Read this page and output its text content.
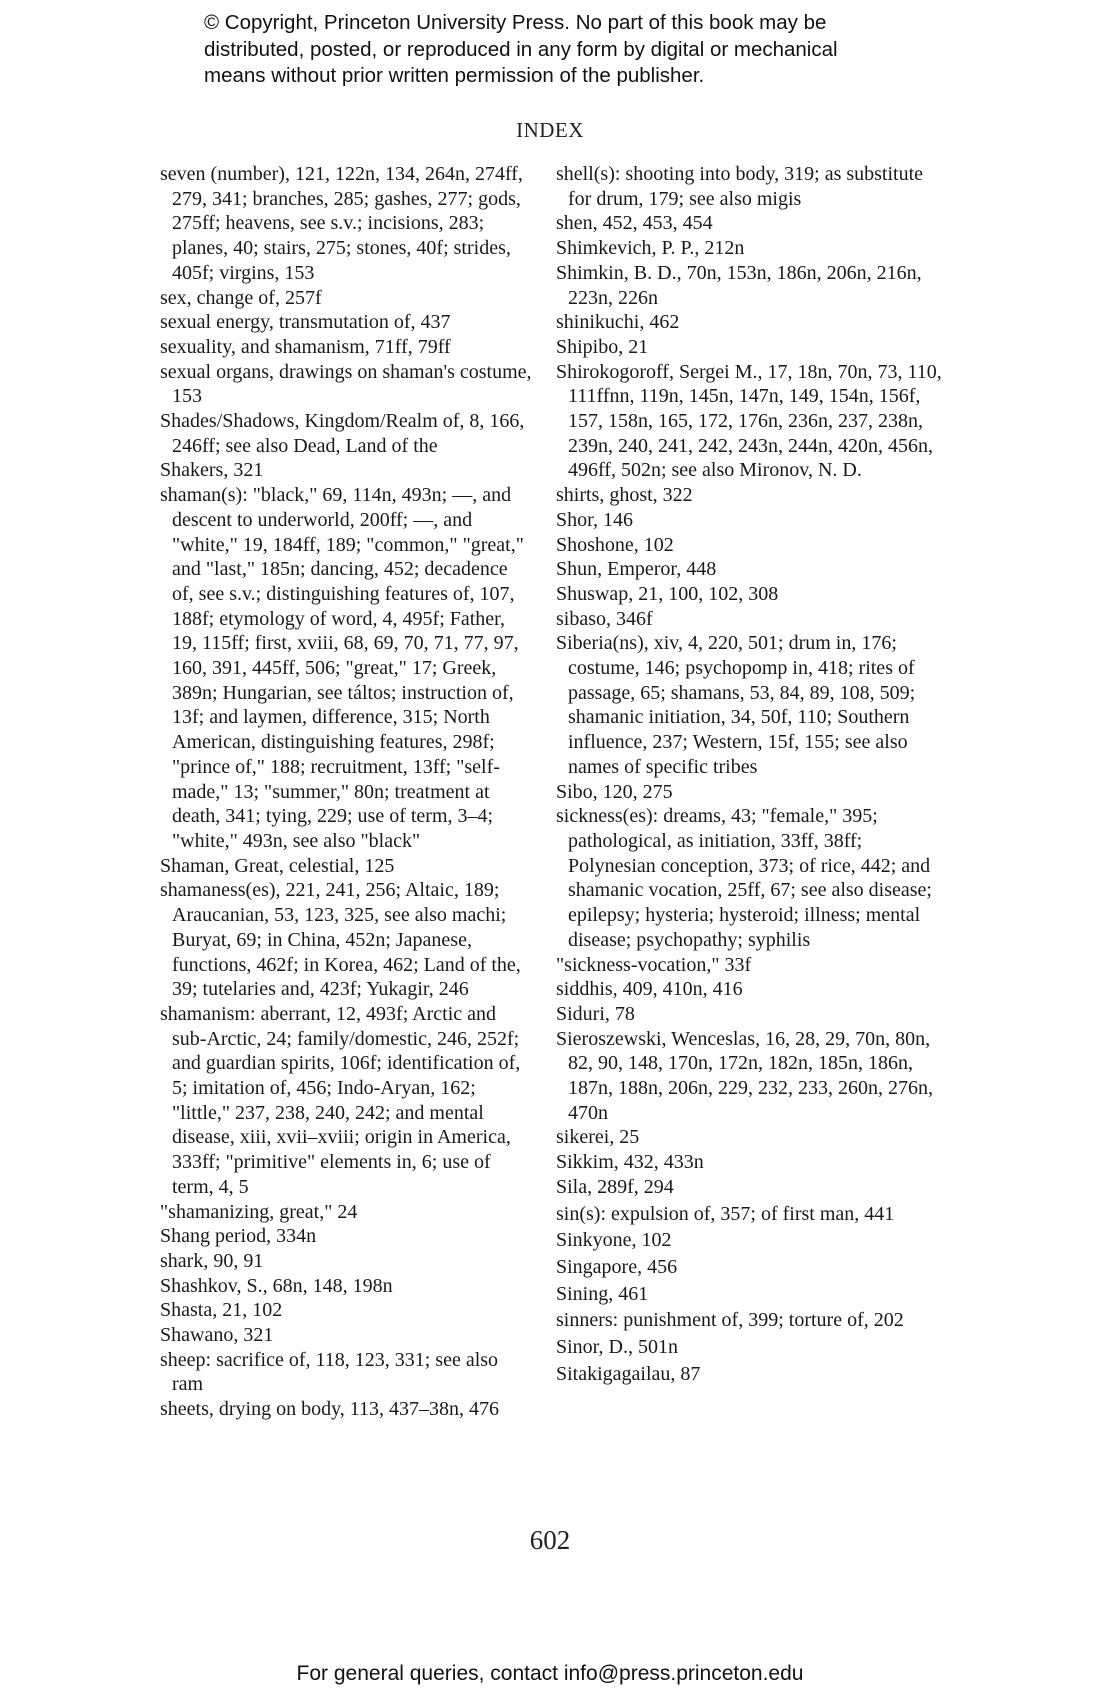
© Copyright, Princeton University Press. No part of this book may be
distributed, posted, or reproduced in any form by digital or mechanical
means without prior written permission of the publisher.
INDEX

seven (number), 121, 122n, 134, 264n, 274ff, 279, 341; branches, 285; gashes, 277; gods, 275ff; heavens, see s.v.; incisions, 283; planes, 40; stairs, 275; stones, 40f; strides, 405f; virgins, 153

sex, change of, 257f

sexual energy, transmutation of, 437

sexuality, and shamanism, 71ff, 79ff

sexual organs, drawings on shaman's costume, 153

Shades/Shadows, Kingdom/Realm of, 8, 166, 246ff; see also Dead, Land of the

Shakers, 321

shaman(s): "black," 69, 114n, 493n; —, and descent to underworld, 200ff; —, and "white," 19, 184ff, 189; "common," "great," and "last," 185n; dancing, 452; decadence of, see s.v.; distinguishing features of, 107, 188f; etymology of word, 4, 495f; Father, 19, 115ff; first, xviii, 68, 69, 70, 71, 77, 97, 160, 391, 445ff, 506; "great," 17; Greek, 389n; Hungarian, see táltos; instruction of, 13f; and laymen, difference, 315; North American, distinguishing features, 298f; "prince of," 188; recruitment, 13ff; "self-made," 13; "summer," 80n; treatment at death, 341; tying, 229; use of term, 3–4; "white," 493n, see also "black"

Shaman, Great, celestial, 125

shamaness(es), 221, 241, 256; Altaic, 189; Araucanian, 53, 123, 325, see also machi; Buryat, 69; in China, 452n; Japanese, functions, 462f; in Korea, 462; Land of the, 39; tutelaries and, 423f; Yukagir, 246

shamanism: aberrant, 12, 493f; Arctic and sub-Arctic, 24; family/domestic, 246, 252f; and guardian spirits, 106f; identification of, 5; imitation of, 456; Indo-Aryan, 162; "little," 237, 238, 240, 242; and mental disease, xiii, xvii–xviii; origin in America, 333ff; "primitive" elements in, 6; use of term, 4, 5

"shamanizing, great," 24

Shang period, 334n

shark, 90, 91

Shashkov, S., 68n, 148, 198n

Shasta, 21, 102

Shawano, 321

sheep: sacrifice of, 118, 123, 331; see also ram

sheets, drying on body, 113, 437–38n, 476

shell(s): shooting into body, 319; as substitute for drum, 179; see also migis

shen, 452, 453, 454

Shimkevich, P. P., 212n

Shimkin, B. D., 70n, 153n, 186n, 206n, 216n, 223n, 226n

shinikuchi, 462

Shipibo, 21

Shirokogoroff, Sergei M., 17, 18n, 70n, 73, 110, 111ffnn, 119n, 145n, 147n, 149, 154n, 156f, 157, 158n, 165, 172, 176n, 236n, 237, 238n, 239n, 240, 241, 242, 243n, 244n, 420n, 456n, 496ff, 502n; see also Mironov, N. D.

shirts, ghost, 322

Shor, 146

Shoshone, 102

Shun, Emperor, 448

Shuswap, 21, 100, 102, 308

sibaso, 346f

Siberia(ns), xiv, 4, 220, 501; drum in, 176; costume, 146; psychopomp in, 418; rites of passage, 65; shamans, 53, 84, 89, 108, 509; shamanic initiation, 34, 50f, 110; Southern influence, 237; Western, 15f, 155; see also names of specific tribes

Sibo, 120, 275

sickness(es): dreams, 43; "female," 395; pathological, as initiation, 33ff, 38ff; Polynesian conception, 373; of rice, 442; and shamanic vocation, 25ff, 67; see also disease; epilepsy; hysteria; hysteroid; illness; mental disease; psychopathy; syphilis

"sickness-vocation," 33f

siddhis, 409, 410n, 416

Siduri, 78

Sieroszewski, Wenceslas, 16, 28, 29, 70n, 80n, 82, 90, 148, 170n, 172n, 182n, 185n, 186n, 187n, 188n, 206n, 229, 232, 233, 260n, 276n, 470n

sikerei, 25

Sikkim, 432, 433n

Sila, 289f, 294

sin(s): expulsion of, 357; of first man, 441

Sinkyone, 102

Singapore, 456

Sining, 461

sinners: punishment of, 399; torture of, 202

Sinor, D., 501n

Sitakigagailau, 87

602
For general queries, contact info@press.princeton.edu
